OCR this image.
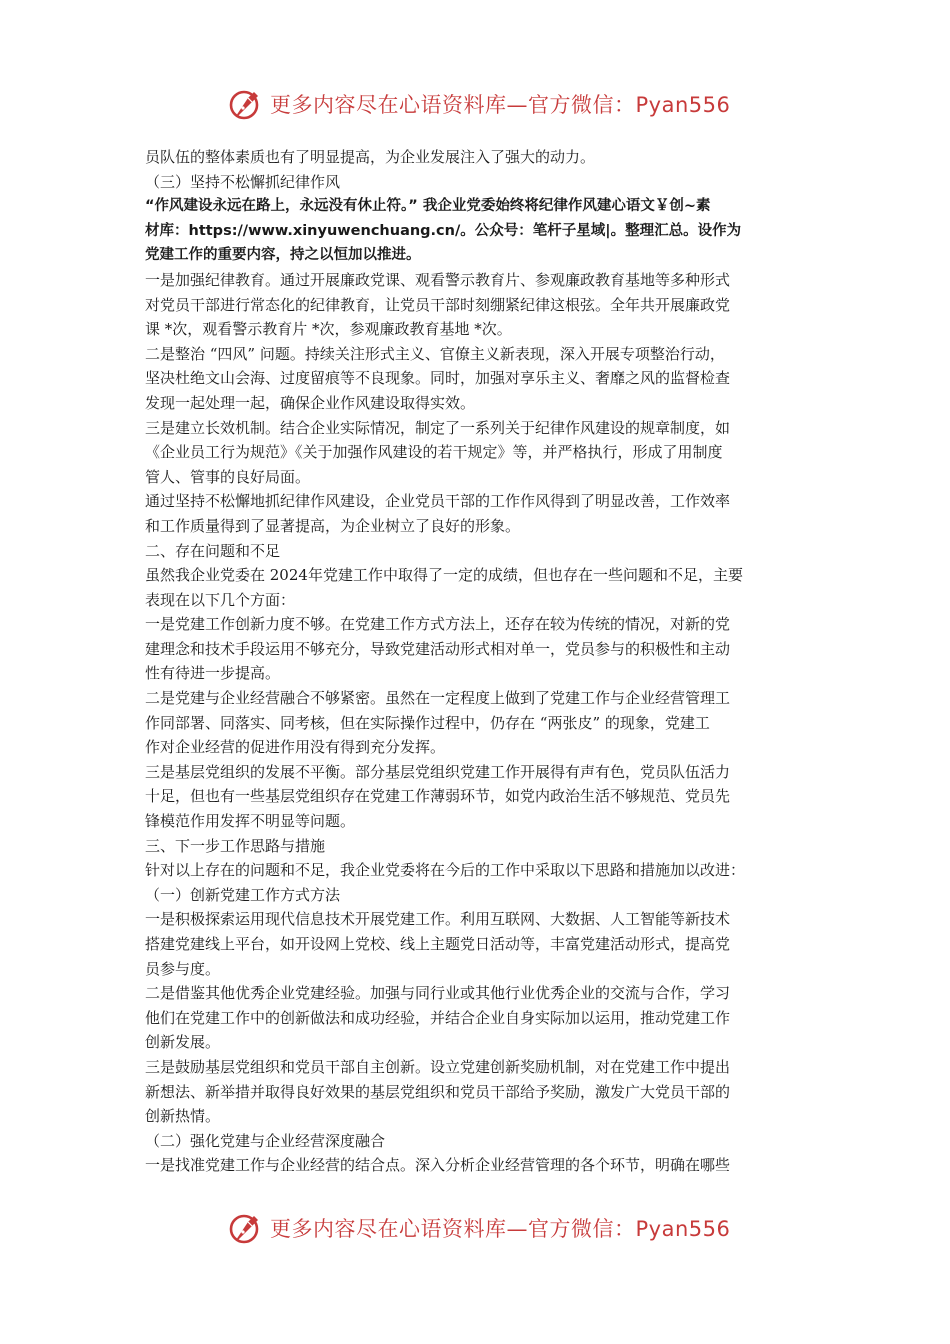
更多内容尽在心语资料库—官方微信：Pyan556
员队伍的整体素质也有了明显提高，为企业发展注入了强大的动力。
（三）坚持不松懈抓纪律作风
“作风建设永远在路上，永远没有休止符。” 我企业党委始终将纪律作风建心语文￥创~素
材库：https://www.xinyuwenchuang.cn/。公众号：笔杆子星域|。整理汇总。设作为
党建工作的重要内容，持之以恒加以推进。
一是加强纪律教育。通过开展廉政党课、观看警示教育片、参观廉政教育基地等多种形式
对党员干部进行常态化的纪律教育，让党员干部时刻绷紧纪律这根弦。全年共开展廉政党
课 *次，观看警示教育片 *次，参观廉政教育基地 *次。
二是整治 “四风” 问题。持续关注形式主义、官僚主义新表现，深入开展专项整治行动，
坚决杜绝文山会海、过度留痕等不良现象。同时，加强对享乐主义、奢靡之风的监督检查
发现一起处理一起，确保企业作风建设取得实效。
三是建立长效机制。结合企业实际情况，制定了一系列关于纪律作风建设的规章制度，如
《企业员工行为规范》《关于加强作风建设的若干规定》等，并严格执行，形成了用制度
管人、管事的良好局面。
通过坚持不松懈地抓纪律作风建设，企业党员干部的工作作风得到了明显改善，工作效率
和工作质量得到了显著提高，为企业树立了良好的形象。
二、存在问题和不足
虽然我企业党委在 2024年党建工作中取得了一定的成绩，但也存在一些问题和不足，主要
表现在以下几个方面：
一是党建工作创新力度不够。在党建工作方式方法上，还存在较为传统的情况，对新的党
建理念和技术手段运用不够充分，导致党建活动形式相对单一，党员参与的积极性和主动
性有待进一步提高。
二是党建与企业经营融合不够紧密。虽然在一定程度上做到了党建工作与企业经营管理工
作同部署、同落实、同考核，但在实际操作过程中，仍存在 “两张皮” 的现象，党建工
作对企业经营的促进作用没有得到充分发挥。
三是基层党组织的发展不平衡。部分基层党组织党建工作开展得有声有色，党员队伍活力
十足，但也有一些基层党组织存在党建工作薄弱环节，如党内政治生活不够规范、党员先
锋模范作用发挥不明显等问题。
三、下一步工作思路与措施
针对以上存在的问题和不足，我企业党委将在今后的工作中采取以下思路和措施加以改进：
（一）创新党建工作方式方法
一是积极探索运用现代信息技术开展党建工作。利用互联网、大数据、人工智能等新技术
搭建党建线上平台，如开设网上党校、线上主题党日活动等，丰富党建活动形式，提高党
员参与度。
二是借鉴其他优秀企业党建经验。加强与同行业或其他行业优秀企业的交流与合作，学习
他们在党建工作中的创新做法和成功经验，并结合企业自身实际加以运用，推动党建工作
创新发展。
三是鼓励基层党组织和党员干部自主创新。设立党建创新奖励机制，对在党建工作中提出
新想法、新举措并取得良好效果的基层党组织和党员干部给予奖励，激发广大党员干部的
创新热情。
（二）强化党建与企业经营深度融合
一是找准党建工作与企业经营的结合点。深入分析企业经营管理的各个环节，明确在哪些
更多内容尽在心语资料库—官方微信：Pyan556
